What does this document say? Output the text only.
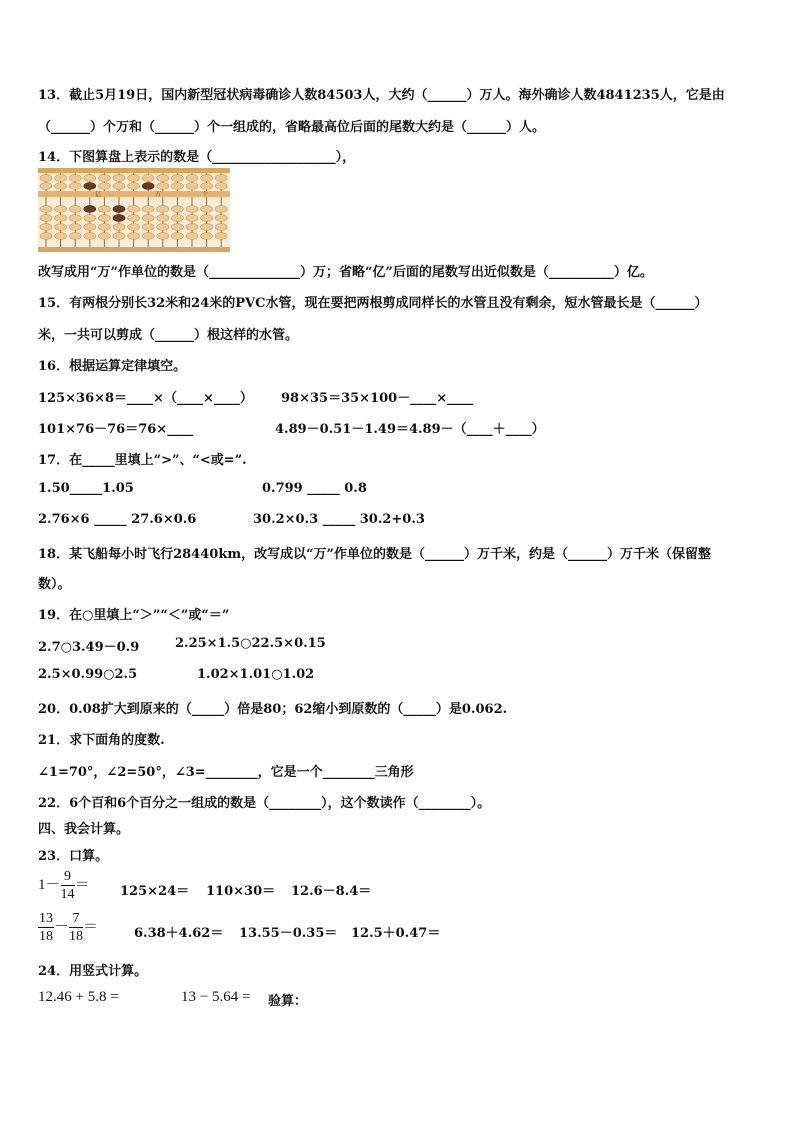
13．截止5月19日，国内新型冠状病毒确诊人数84503人，大约（______）万人。海外确诊人数4841235人，它是由
（______）个万和（______）个一组成的，省略最高位后面的尾数大约是（______）人。
14．下图算盘上表示的数是（___________________），
亿	万	个
改写成用“万”作单位的数是（______________）万；省略“亿”后面的尾数写出近似数是（__________）亿。
15．有两根分别长32米和24米的PVC水管，现在要把两根剪成同样长的水管且没有剩余，短水管最长是（______）
米，一共可以剪成（______）根这样的水管。
16．根据运算定律填空。
125×36×8＝____×（____×____） 98×35＝35×100－____×____
101×76－76＝76×____	4.89－0.51－1.49＝4.89－（____＋____）
17．在_____里填上“>”、“<或=”.
1.50_____1.05	0.799 _____ 0.8
2.76×6 _____ 27.6×0.6	30.2×0.3 _____ 30.2+0.3
18．某飞船每小时飞行28440km，改写成以“万”作单位的数是（______）万千米，约是（______）万千米（保留整
数）。
19．在○里填上“＞”“＜”或“＝”
2.7○3.49－0.9	2.25×1.5○22.5×0.15
2.5×0.99○2.5	1.02×1.01○1.02
20．0.08扩大到原来的（_____）倍是80；62缩小到原数的（_____）是0.062.
21．求下面角的度数.
∠1=70°，∠2=50°，∠3=________，它是一个________三角形
22．6个百和6个百分之一组成的数是（________），这个数读作（________）。
四、我会计算。
23．口算。
$1- \frac{9}{14} = 125\times 24= 110\times 30= 12.6-8.4=$
$\frac{13}{18} - \frac{7}{18}$ ＝	6.38＋4.62＝ 13.55－0.35＝ 12.5＋0.47＝
24．用竖式计算。
12.46 + 5.8 =	13 − 5.64 = 验算：
